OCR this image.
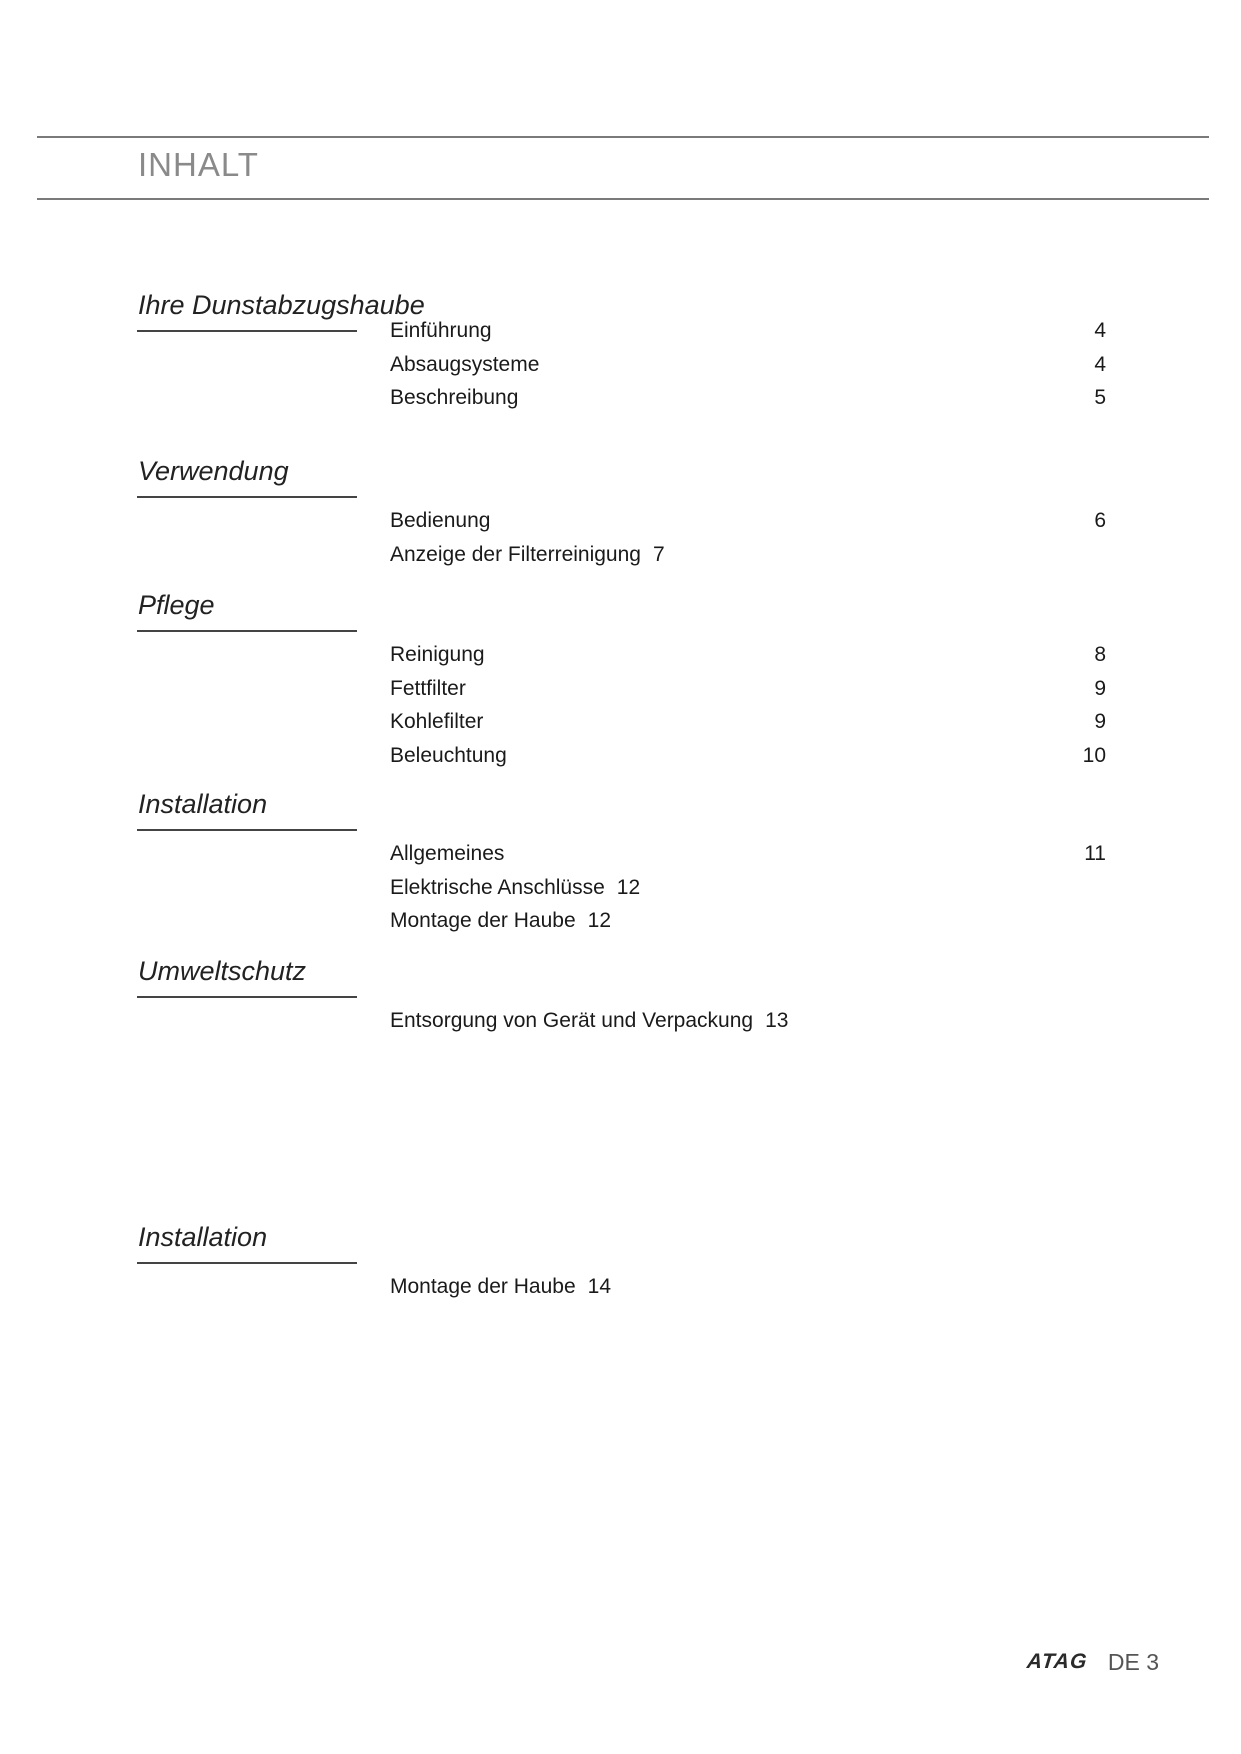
INHALT
Ihre Dunstabzugshaube
Einführung	4
Absaugsysteme	4
Beschreibung	5
Verwendung
Bedienung	6
Anzeige der Filterreinigung 7
Pflege
Reinigung	8
Fettfilter	9
Kohlefilter	9
Beleuchtung	10
Installation
Allgemeines	11
Elektrische Anschlüsse 12
Montage der Haube 12
Umweltschutz
Entsorgung von Gerät und Verpackung 13
Installation
Montage der Haube 14
ATAG DE 3
